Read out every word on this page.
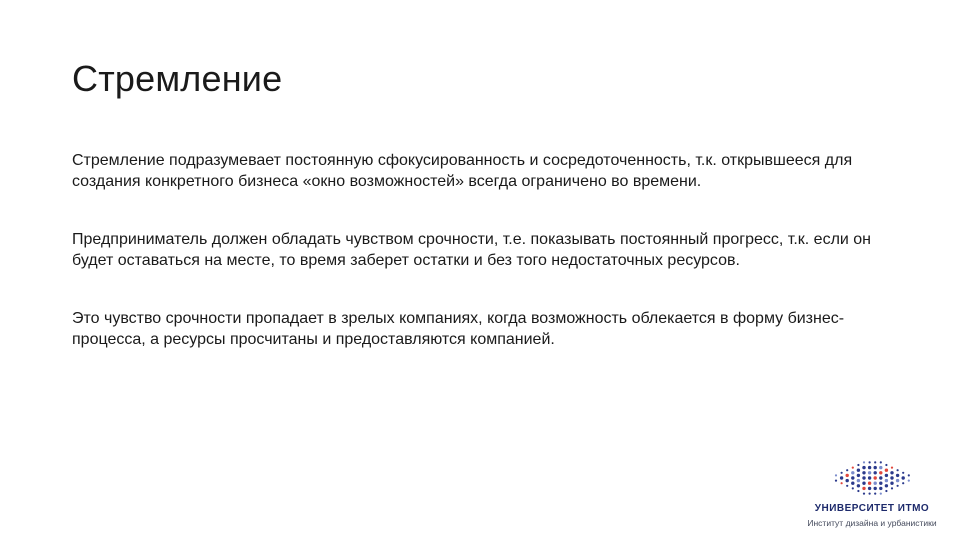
Стремление

Стремление подразумевает постоянную сфокусированность и сосредоточенность, т.к. открывшееся для создания конкретного бизнеса «окно возможностей» всегда ограничено во времени.

Предприниматель должен обладать чувством срочности, т.е. показывать постоянный прогресс, т.к. если он будет оставаться на месте, то время заберет остатки и без того недостаточных ресурсов.

Это чувство срочности пропадает в зрелых компаниях, когда возможность облекается в форму бизнес-процесса, а ресурсы просчитаны и предоставляются компанией.

УНИВЕРСИТЕТ ИТМО
Институт дизайна и урбанистики
